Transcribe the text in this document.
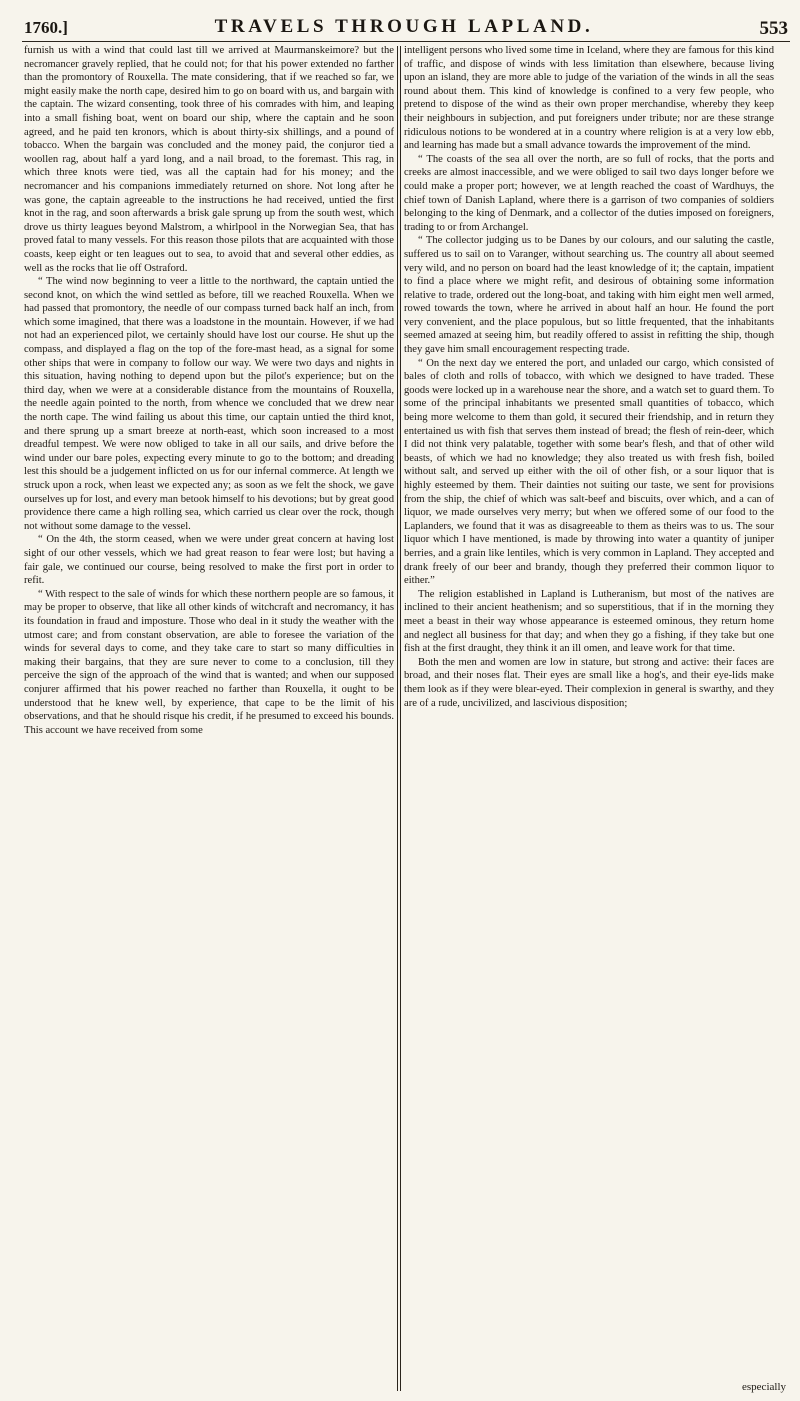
1760.]	TRAVELS THROUGH LAPLAND.	553

furnish us with a wind that could last till we arrived at Maurmanskeimore? but the necromancer gravely replied, that he could not; for that his power extended no farther than the promontory of Rouxella. The mate considering, that if we reached so far, we might easily make the north cape, desired him to go on board with us, and bargain with the captain. The wizard consenting, took three of his comrades with him, and leaping into a small fishing boat, went on board our ship, where the captain and he soon agreed, and he paid ten kronors, which is about thirty-six shillings, and a pound of tobacco. When the bargain was concluded and the money paid, the conjuror tied a woollen rag, about half a yard long, and a nail broad, to the foremast. This rag, in which three knots were tied, was all the captain had for his money; and the necromancer and his companions immediately returned on shore. Not long after he was gone, the captain agreeable to the instructions he had received, untied the first knot in the rag, and soon afterwards a brisk gale sprung up from the south west, which drove us thirty leagues beyond Malstrom, a whirlpool in the Norwegian Sea, that has proved fatal to many vessels. For this reason those pilots that are acquainted with those coasts, keep eight or ten leagues out to sea, to avoid that and several other eddies, as well as the rocks that lie off Ostraford.

“ The wind now beginning to veer a little to the northward, the captain untied the second knot, on which the wind settled as before, till we reached Rouxella. When we had passed that promontory, the needle of our compass turned back half an inch, from which some imagined, that there was a loadstone in the mountain. However, if we had not had an experienced pilot, we certainly should have lost our course. He shut up the compass, and displayed a flag on the top of the fore-mast head, as a signal for some other ships that were in company to follow our way. We were two days and nights in this situation, having nothing to depend upon but the pilot's experience; but on the third day, when we were at a considerable distance from the mountains of Rouxella, the needle again pointed to the north, from whence we concluded that we drew near the north cape. The wind failing us about this time, our captain untied the third knot, and there sprung up a smart breeze at north-east, which soon increased to a most dreadful tempest. We were now obliged to take in all our sails, and drive before the wind under our bare poles, expecting every minute to go to the bottom; and dreading lest this should be a judgement inflicted on us for our infernal commerce. At length we struck upon a rock, when least we expected any; as soon as we felt the shock, we gave ourselves up for lost, and every man betook himself to his devotions; but by great good providence there came a high rolling sea, which carried us clear over the rock, though not without some damage to the vessel.

“ On the 4th, the storm ceased, when we were under great concern at having lost sight of our other vessels, which we had great reason to fear were lost; but having a fair gale, we continued our course, being resolved to make the first port in order to refit.

“ With respect to the sale of winds for which these northern people are so famous, it may be proper to observe, that like all other kinds of witchcraft and necromancy, it has its foundation in fraud and imposture. Those who deal in it study the weather with the utmost care; and from constant observation, are able to foresee the variation of the winds for several days to come, and they take care to start so many difficulties in making their bargains, that they are sure never to come to a conclusion, till they perceive the sign of the approach of the wind that is wanted; and when our supposed conjurer affirmed that his power reached no farther than Rouxella, it ought to be understood that he knew well, by experience, that cape to be the limit of his observations, and that he should risque his credit, if he presumed to exceed his bounds. This account we have received from some

intelligent persons who lived some time in Iceland, where they are famous for this kind of traffic, and dispose of winds with less limitation than elsewhere, because living upon an island, they are more able to judge of the variation of the winds in all the seas round about them. This kind of knowledge is confined to a very few people, who pretend to dispose of the wind as their own proper merchandise, whereby they keep their neighbours in subjection, and put foreigners under tribute; nor are these strange ridiculous notions to be wondered at in a country where religion is at a very low ebb, and learning has made but a small advance towards the improvement of the mind.

“ The coasts of the sea all over the north, are so full of rocks, that the ports and creeks are almost inaccessible, and we were obliged to sail two days longer before we could make a proper port; however, we at length reached the coast of Wardhuys, the chief town of Danish Lapland, where there is a garrison of two companies of soldiers belonging to the king of Denmark, and a collector of the duties imposed on foreigners, trading to or from Archangel.

“ The collector judging us to be Danes by our colours, and our saluting the castle, suffered us to sail on to Varanger, without searching us. The country all about seemed very wild, and no person on board had the least knowledge of it; the captain, impatient to find a place where we might refit, and desirous of obtaining some information relative to trade, ordered out the long-boat, and taking with him eight men well armed, rowed towards the town, where he arrived in about half an hour. He found the port very convenient, and the place populous, but so little frequented, that the inhabitants seemed amazed at seeing him, but readily offered to assist in refitting the ship, though they gave him small encouragement respecting trade.

“ On the next day we entered the port, and unladed our cargo, which consisted of bales of cloth and rolls of tobacco, with which we designed to have traded. These goods were locked up in a warehouse near the shore, and a watch set to guard them. To some of the principal inhabitants we presented small quantities of tobacco, which being more welcome to them than gold, it secured their friendship, and in return they entertained us with fish that serves them instead of bread; the flesh of rein-deer, which I did not think very palatable, together with some bear's flesh, and that of other wild beasts, of which we had no knowledge; they also treated us with fresh fish, boiled without salt, and served up either with the oil of other fish, or a sour liquor that is highly esteemed by them. Their dainties not suiting our taste, we sent for provisions from the ship, the chief of which was salt-beef and biscuits, over which, and a can of liquor, we made ourselves very merry; but when we offered some of our food to the Laplanders, we found that it was as disagreeable to them as theirs was to us. The sour liquor which I have mentioned, is made by throwing into water a quantity of juniper berries, and a grain like lentiles, which is very common in Lapland. They accepted and drank freely of our beer and brandy, though they preferred their common liquor to either.”

The religion established in Lapland is Lutheranism, but most of the natives are inclined to their ancient heathenism; and so superstitious, that if in the morning they meet a beast in their way whose appearance is esteemed ominous, they return home and neglect all business for that day; and when they go a fishing, if they take but one fish at the first draught, they think it an ill omen, and leave work for that time.

Both the men and women are low in stature, but strong and active: their faces are broad, and their noses flat. Their eyes are small like a hog's, and their eye-lids make them look as if they were blear-eyed. Their complexion in general is swarthy, and they are of a rude, uncivilized, and lascivious disposition;

especially
